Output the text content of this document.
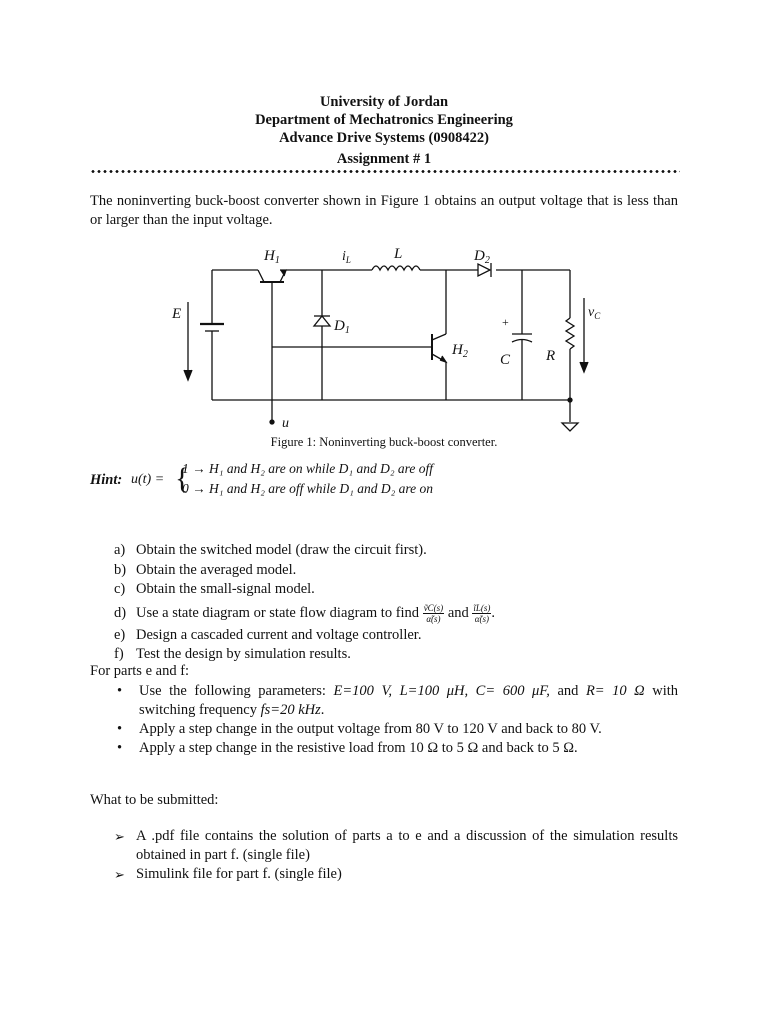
University of Jordan
Department of Mechatronics Engineering
Advance Drive Systems (0908422)
Assignment # 1
The noninverting buck-boost converter shown in Figure 1 obtains an output voltage that is less than or larger than the input voltage.
$H_1$	$i_L$	L	$D_2$
E
$D_1$
$H_2$ C R
$v_C$
u
+
Figure 1: Noninverting buck-boost converter.
Hint: u(t) = {
1 → H₁ and H₂ are on while D₁ and D₂ are off
0 → H₁ and H₂ are off while D₁ and D₂ are on
a) Obtain the switched model (draw the circuit first).
b) Obtain the averaged model.
c) Obtain the small-signal model.
d) Use a state diagram or state flow diagram to find $\frac{\text{ṽC(s)}}{\alphã(s)}$ and $\frac{ĩL(s)}{\alphã(s)}$ .
e) Design a cascaded current and voltage controller.
f) Test the design by simulation results.
For parts e and f:
• Use the following parameters: E=100 V, L=100 μH, C= 600 μF, and R= 10 Ω with switching frequency fs=20 kHz.
• Apply a step change in the output voltage from 80 V to 120 V and back to 80 V.
• Apply a step change in the resistive load from 10 Ω to 5 Ω and back to 5 Ω.
What to be submitted:
➢ A .pdf file contains the solution of parts a to e and a discussion of the simulation results obtained in part f. (single file)
➢ Simulink file for part f. (single file)
